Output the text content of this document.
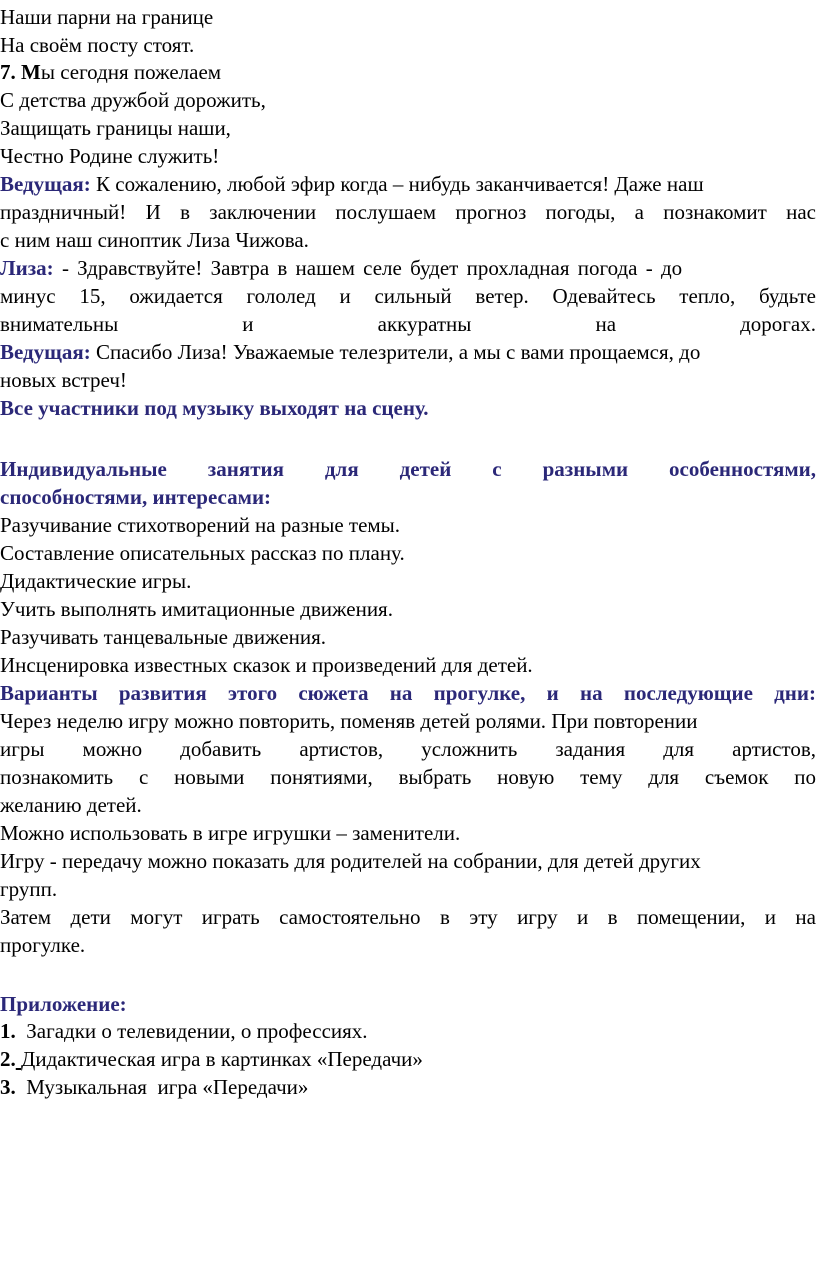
Наши парни на границе
На своём посту стоят.
7. Мы сегодня пожелаем
С детства дружбой дорожить,
Защищать границы наши,
Честно Родине служить!
Ведущая: К сожалению, любой эфир когда – нибудь заканчивается! Даже наш
праздничный! И в заключении послушаем прогноз погоды, а познакомит нас
с ним наш синоптик Лиза Чижова.
Лиза: - Здравствуйте! Завтра в нашем селе будет прохладная погода - до
минус 15, ожидается гололед и сильный ветер. Одевайтесь тепло, будьте
внимательны и аккуратны на дорогах.
Ведущая: Спасибо Лиза! Уважаемые телезрители, а мы с вами прощаемся, до
новых встреч!
Все участники под музыку выходят на сцену.
Индивидуальные занятия для детей с разными особенностями,
способностями, интересами:
Разучивание стихотворений на разные темы.
Составление описательных рассказ по плану.
Дидактические игры.
Учить выполнять имитационные движения.
Разучивать танцевальные движения.
Инсценировка известных сказок и произведений для детей.
Варианты развития этого сюжета на прогулке, и на последующие дни:
Через неделю игру можно повторить, поменяв детей ролями. При повторении
игры можно добавить артистов, усложнить задания для артистов,
познакомить с новыми понятиями, выбрать новую тему для съемок по
желанию детей.
Можно использовать в игре игрушки – заменители.
Игру - передачу можно показать для родителей на собрании, для детей других
групп.
Затем дети могут играть самостоятельно в эту игру и в помещении, и на
прогулке.
Приложение:
1.  Загадки о телевидении, о профессиях.
2. Дидактическая игра в картинках «Передачи»
3.  Музыкальная  игра «Передачи»
